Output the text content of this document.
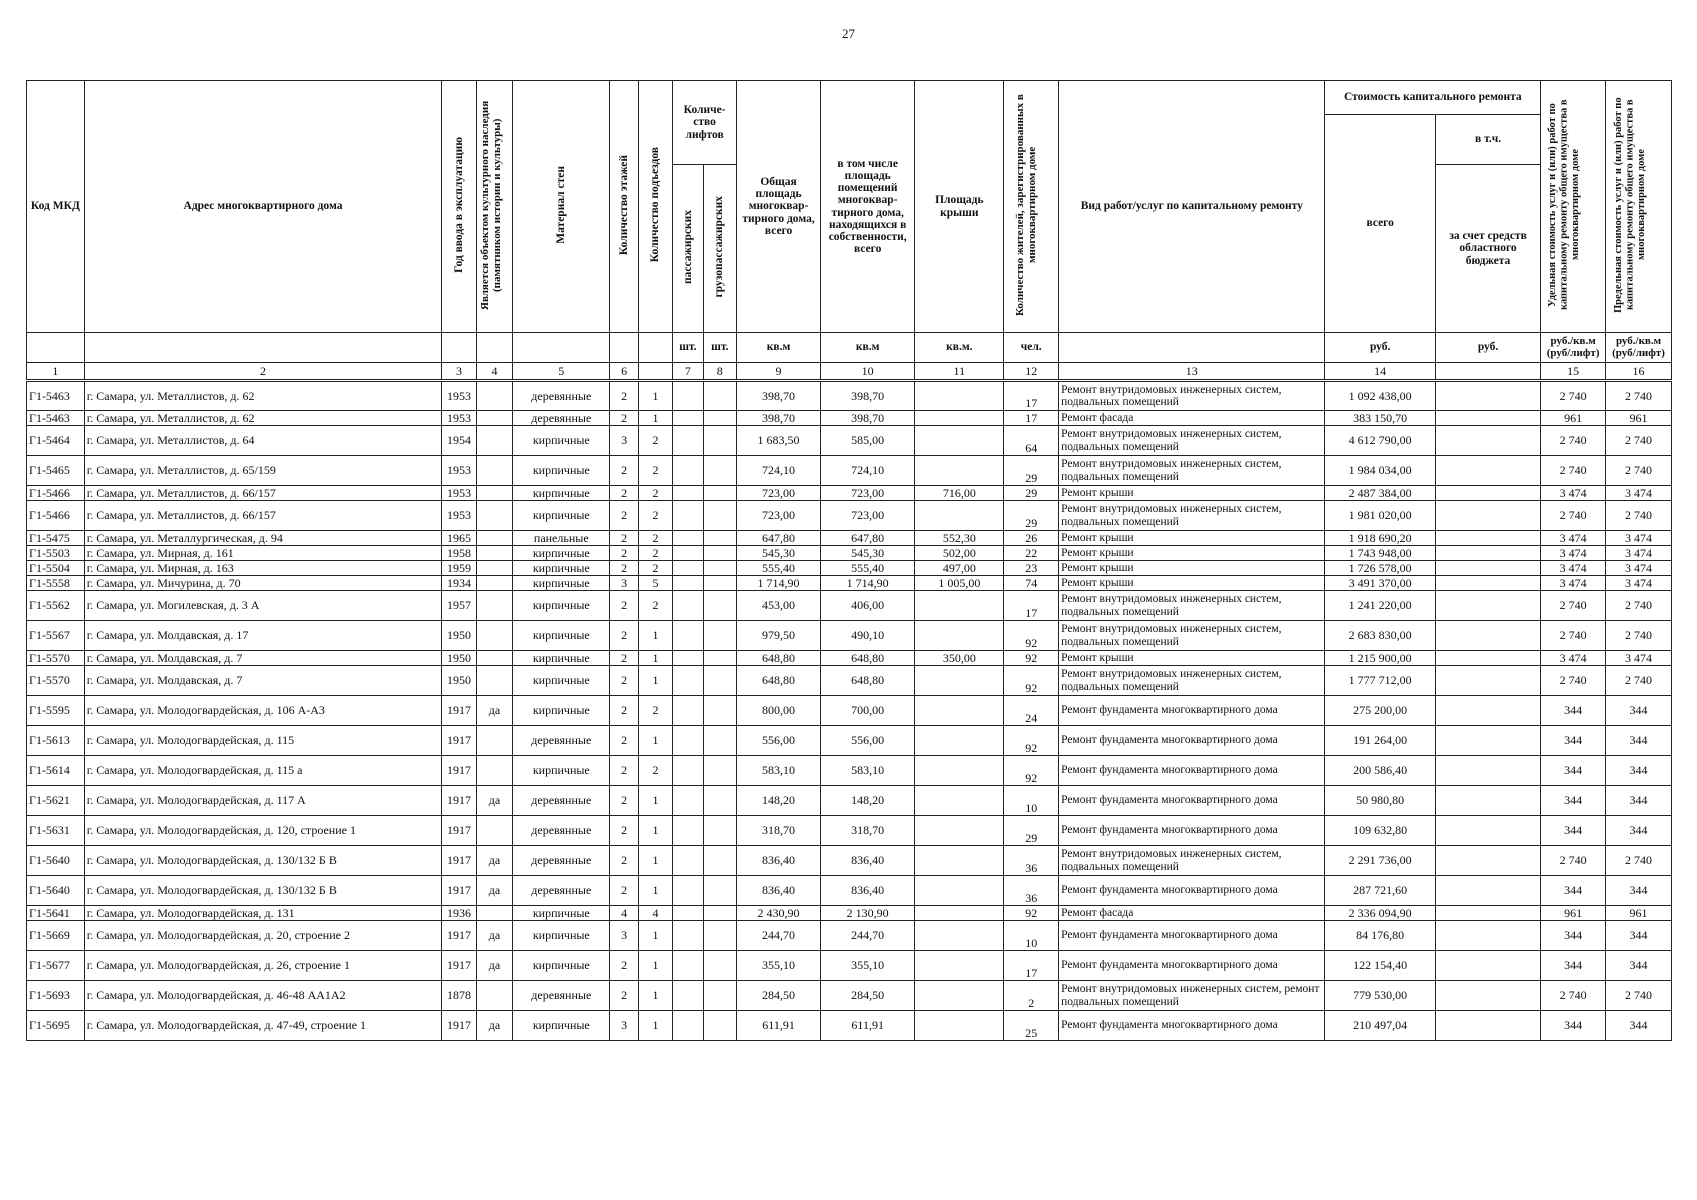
27
Код МКД	Адрес многоквартирного дома	Год ввода в эксплуатацию	Является объектом культурного наследия (памятником истории и культуры)	Материал стен	Количество этажей	Количество подъездов	Количе-ство лифтов		Общая площадь многоквар-тирного дома, всего	в том числе площадь помещений многоквар-тирного дома, находящихся в собственности, всего	Площадь крыши	Количество жителей, зарегистрированных в многоквартирном доме	Вид работ/услуг по капитальному ремонту	Стоимость капитального ремонта		Удельная стоимость услуг и (или) работ по капитальному ремонту общего имущества в многоквартирном доме	Предельная стоимость услуг и (или) работ по капитальному ремонту общего имущества в многоквартирном доме
														всего	в т.ч.		
							пассажирских	грузопассажирских							за счет средств областного бюджета		
							шт.	шт.	кв.м	кв.м	кв.м.	чел.		руб.	руб.	руб./кв.м (руб/лифт)	руб./кв.м (руб/лифт)
1	2	3	4	5	6		7	8	9	10	11	12	13	14		15	16
Г1-5463	г. Самара, ул. Металлистов, д. 62	1953		деревянные	2	1			398,70	398,70		17	Ремонт внутридомовых инженерных систем, подвальных помещений	1 092 438,00		2 740	2 740
Г1-5463	г. Самара, ул. Металлистов, д. 62	1953		деревянные	2	1			398,70	398,70		17	Ремонт фасада	383 150,70		961	961
Г1-5464	г. Самара, ул. Металлистов, д. 64	1954		кирпичные	3	2			1 683,50	585,00		64	Ремонт внутридомовых инженерных систем, подвальных помещений	4 612 790,00		2 740	2 740
Г1-5465	г. Самара, ул. Металлистов, д. 65/159	1953		кирпичные	2	2			724,10	724,10		29	Ремонт внутридомовых инженерных систем, подвальных помещений	1 984 034,00		2 740	2 740
Г1-5466	г. Самара, ул. Металлистов, д. 66/157	1953		кирпичные	2	2			723,00	723,00	716,00	29	Ремонт крыши	2 487 384,00		3 474	3 474
Г1-5466	г. Самара, ул. Металлистов, д. 66/157	1953		кирпичные	2	2			723,00	723,00		29	Ремонт внутридомовых инженерных систем, подвальных помещений	1 981 020,00		2 740	2 740
Г1-5475	г. Самара, ул. Металлургическая, д. 94	1965		панельные	2	2			647,80	647,80	552,30	26	Ремонт крыши	1 918 690,20		3 474	3 474
Г1-5503	г. Самара, ул. Мирная, д. 161	1958		кирпичные	2	2			545,30	545,30	502,00	22	Ремонт крыши	1 743 948,00		3 474	3 474
Г1-5504	г. Самара, ул. Мирная, д. 163	1959		кирпичные	2	2			555,40	555,40	497,00	23	Ремонт крыши	1 726 578,00		3 474	3 474
Г1-5558	г. Самара, ул. Мичурина, д. 70	1934		кирпичные	3	5			1 714,90	1 714,90	1 005,00	74	Ремонт крыши	3 491 370,00		3 474	3 474
Г1-5562	г. Самара, ул. Могилевская, д. 3 А	1957		кирпичные	2	2			453,00	406,00		17	Ремонт внутридомовых инженерных систем, подвальных помещений	1 241 220,00		2 740	2 740
Г1-5567	г. Самара, ул. Молдавская, д. 17	1950		кирпичные	2	1			979,50	490,10		92	Ремонт внутридомовых инженерных систем, подвальных помещений	2 683 830,00		2 740	2 740
Г1-5570	г. Самара, ул. Молдавская, д. 7	1950		кирпичные	2	1			648,80	648,80	350,00	92	Ремонт крыши	1 215 900,00		3 474	3 474
Г1-5570	г. Самара, ул. Молдавская, д. 7	1950		кирпичные	2	1			648,80	648,80		92	Ремонт внутридомовых инженерных систем, подвальных помещений	1 777 712,00		2 740	2 740
Г1-5595	г. Самара, ул. Молодогвардейская, д. 106 А-А3	1917	да	кирпичные	2	2			800,00	700,00		24	Ремонт фундамента многоквартирного дома	275 200,00		344	344
Г1-5613	г. Самара, ул. Молодогвардейская, д. 115	1917		деревянные	2	1			556,00	556,00		92	Ремонт фундамента многоквартирного дома	191 264,00		344	344
Г1-5614	г. Самара, ул. Молодогвардейская, д. 115 а	1917		кирпичные	2	2			583,10	583,10		92	Ремонт фундамента многоквартирного дома	200 586,40		344	344
Г1-5621	г. Самара, ул. Молодогвардейская, д. 117 А	1917	да	деревянные	2	1			148,20	148,20		10	Ремонт фундамента многоквартирного дома	50 980,80		344	344
Г1-5631	г. Самара, ул. Молодогвардейская, д. 120, строение 1	1917		деревянные	2	1			318,70	318,70		29	Ремонт фундамента многоквартирного дома	109 632,80		344	344
Г1-5640	г. Самара, ул. Молодогвардейская, д. 130/132 Б В	1917	да	деревянные	2	1			836,40	836,40		36	Ремонт внутридомовых инженерных систем, подвальных помещений	2 291 736,00		2 740	2 740
Г1-5640	г. Самара, ул. Молодогвардейская, д. 130/132 Б В	1917	да	деревянные	2	1			836,40	836,40		36	Ремонт фундамента многоквартирного дома	287 721,60		344	344
Г1-5641	г. Самара, ул. Молодогвардейская, д. 131	1936		кирпичные	4	4			2 430,90	2 130,90		92	Ремонт фасада	2 336 094,90		961	961
Г1-5669	г. Самара, ул. Молодогвардейская, д. 20, строение 2	1917	да	кирпичные	3	1			244,70	244,70		10	Ремонт фундамента многоквартирного дома	84 176,80		344	344
Г1-5677	г. Самара, ул. Молодогвардейская, д. 26, строение 1	1917	да	кирпичные	2	1			355,10	355,10		17	Ремонт фундамента многоквартирного дома	122 154,40		344	344
Г1-5693	г. Самара, ул. Молодогвардейская, д. 46-48 АА1А2	1878		деревянные	2	1			284,50	284,50		2	Ремонт внутридомовых инженерных систем, ремонт подвальных помещений	779 530,00		2 740	2 740
Г1-5695	г. Самара, ул. Молодогвардейская, д. 47-49, строение 1	1917	да	кирпичные	3	1			611,91	611,91		25	Ремонт фундамента многоквартирного дома	210 497,04		344	344
